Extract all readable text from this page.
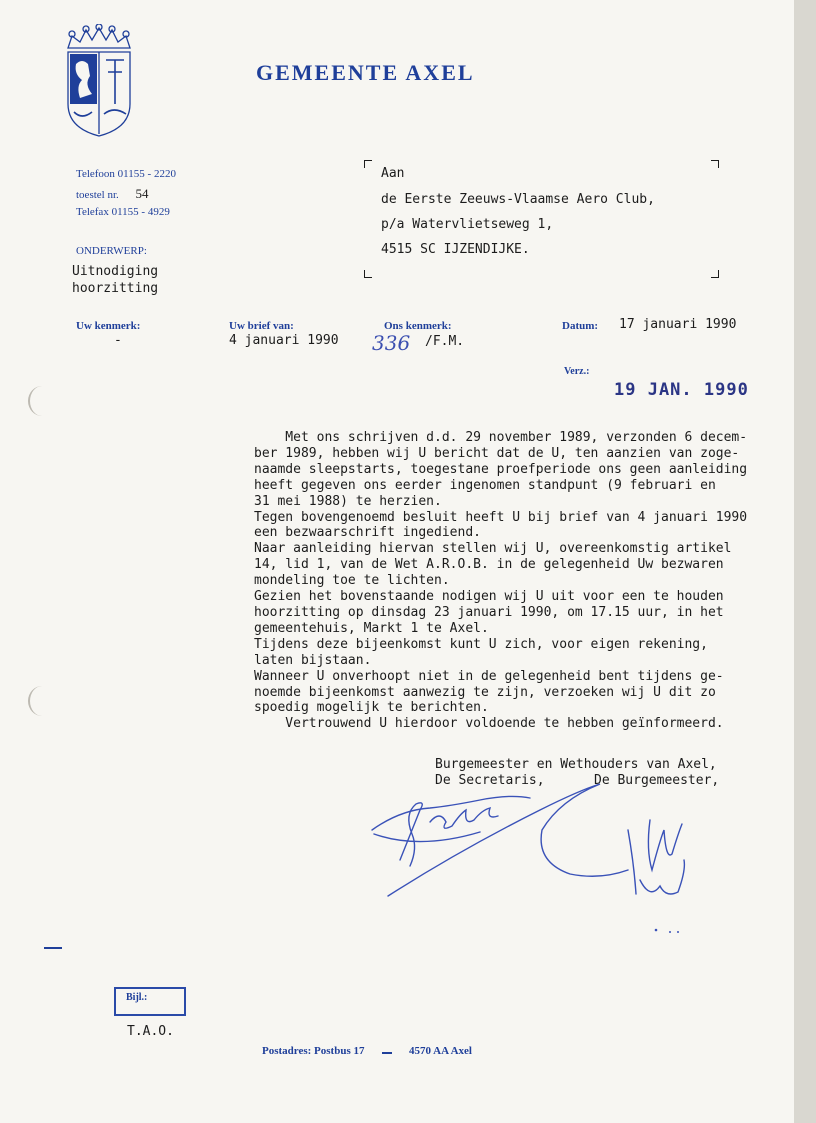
GEMEENTE AXEL
Telefoon 01155 - 2220
toestel nr. 54
Telefax 01155 - 4929
ONDERWERP:
Uitnodiging
hoorzitting
Aan
de Eerste Zeeuws-Vlaamse Aero Club,
p/a Watervlietseweg 1,
4515 SC IJZENDIJKE.
Uw kenmerk:
-
Uw brief van:
4 januari 1990
Ons kenmerk:
336 /F.M.
Datum: 17 januari 1990
Verz.:
19 JAN. 1990
Met ons schrijven d.d. 29 november 1989, verzonden 6 decem-
ber 1989, hebben wij U bericht dat de U, ten aanzien van zoge-
naamde sleepstarts, toegestane proefperiode ons geen aanleiding
heeft gegeven ons eerder ingenomen standpunt (9 februari en
31 mei 1988) te herzien.
Tegen bovengenoemd besluit heeft U bij brief van 4 januari 1990
een bezwaarschrift ingediend.
Naar aanleiding hiervan stellen wij U, overeenkomstig artikel
14, lid 1, van de Wet A.R.O.B. in de gelegenheid Uw bezwaren
mondeling toe te lichten.
Gezien het bovenstaande nodigen wij U uit voor een te houden
hoorzitting op dinsdag 23 januari 1990, om 17.15 uur, in het
gemeentehuis, Markt 1 te Axel.
Tijdens deze bijeenkomst kunt U zich, voor eigen rekening,
laten bijstaan.
Wanneer U onverhoopt niet in de gelegenheid bent tijdens ge-
noemde bijeenkomst aanwezig te zijn, verzoeken wij U dit zo
spoedig mogelijk te berichten.
Vertrouwend U hierdoor voldoende te hebben geïnformeerd.
Burgemeester en Wethouders van Axel,
De Secretaris,	De Burgemeester,
Bijl.:
T.A.O.
Postadres: Postbus 17	4570 AA Axel
